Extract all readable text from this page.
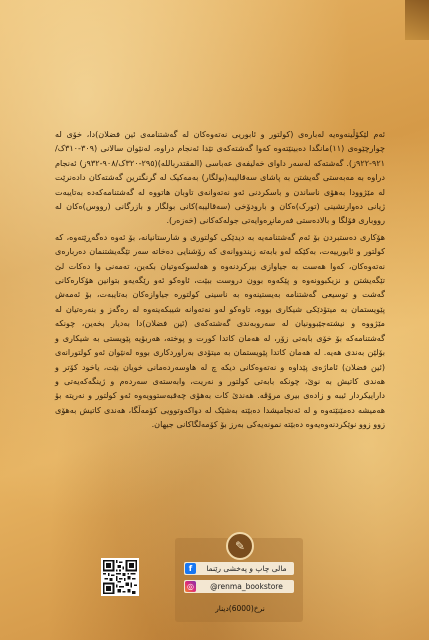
ئەم لێکۆڵینەوەیە لەبارەی (کولتور و ئابوریی نەتەوەکان لە گەشتنامەی ئین فضلان)دا، خۆی لە چوارچێوەی (١١)مانگدا دەبینێتەوە کەوا گەشتەکەی تێدا ئەنجام دراوە، لەنێوان سالانی (٣٠٩-٣١٠ک/ ٩٢١-٩٢٢ز). گەشتەکە لەسەر داوای خەلیفەی عەباسی (المقتدر‌بالله)(٢٩٥-٣٢٠ک/٩٠٨-٩٣٢ز) ئەنجام دراوە بە مەبەستی گەیشتن بە پاشای سەقالیبە(بولگار) بەمەکیک لە گرنگترین گەشتەکان دادەنرێت لە مێژوودا بەهۆی ناساندن و باسکردنی ئەو نەتەوانەی تاوبان هاتووە لە گەشتنامەکەدە بەتایبەت ژیانی دەوارنشینی (تورک)ەکان و بارودۆخی (سەقالیبە)کانی بولگار و بازرگانی (رووس)ەکان لە رووباری فۆلگا و بالادەستی فەرمانڕەوایەتی جولەکەکانی (خەزەر).

هۆکاری دەستبردن بۆ ئەم گەشتنامەیە بە دیدێکی کولتوری و شارستانیانە، بۆ ئەوە دەگەڕێتەوە، کە کولتور و ئابورییەت، بەکێکە لەو بابەتە زیندووانەی کە رۆشنایی دەخاتە سەر تێگەیشتنمان دەربارەی نەتەوەکان، کەوا هەست بە جیاوازی بیرکردنەوە و هەلسوکەوتیان بکەین، تەمەنی وا دەکات لێ تێگەیشتن و نزیکبوونەوە و پێکەوە بوون دروست ببێت، ئاوەکو ئەو رێگەیەو بتوانین هۆکارەکانی گەشت و توسیعی گەشتنامە بەیستینەوە بە ناسینی کولتورە جیاوازەکان بەتایبەت، بۆ ئەمەش پێویستمان بە میتۆدێکی شیکاری بووە، تاوەکو لەو نەتەوانە شیبکەینەوە لە رەگەز و بنەرەتیان لە مێژووە و نیشتەجێبوونیان لە سەروبەندی گەشتەکەی (ئین فضلان)دا بەدیار بخەین، چونکە گەشتنامەکە بۆ خۆی بابەتی زۆر، لە هەمان کاتدا کورت و پوختە، هەربۆیە پێویستی بە شیکاری و بۆلێن بەندی هەیە. لە هەمان کاتدا پێویستمان بە میتۆدی بەراوردکاری بووە لەنێوان ئەو کولتورانەی (ئین فضلان) ئاماژەی پێداوە و نەتەوەکانی دیکە چ لە هاوسەردەمانی خویان بێت، یاخود کۆتر و هەندی کاتیش بە نوێ، چونکە بابەتی کولتور و نەریت، وابەستەی سەردەم و ژینگەکەیەتی و داراییکردار ئیبە و زادەی بیری مرۆڤە. هەندێ کات بەهۆی چەقبەستوویەوە ئەو کولتور و نەریتە بۆ هەمیشە دەمێنێتەوە و لە ئەنجامیشدا دەبێتە بەشێک لە دواکەوتوویی کۆمەڵگا، هەندی کاتیش بەهۆی زوو زوو نوێکردنەوەیەوە دەبێتە نمونەیەکی بەرز بۆ کۆمەلگاکانی جیهان.

✎
f	مالی چاپ و پەخشی رێنما
◎	@renma_bookstore
نرخ(6000)دینار
